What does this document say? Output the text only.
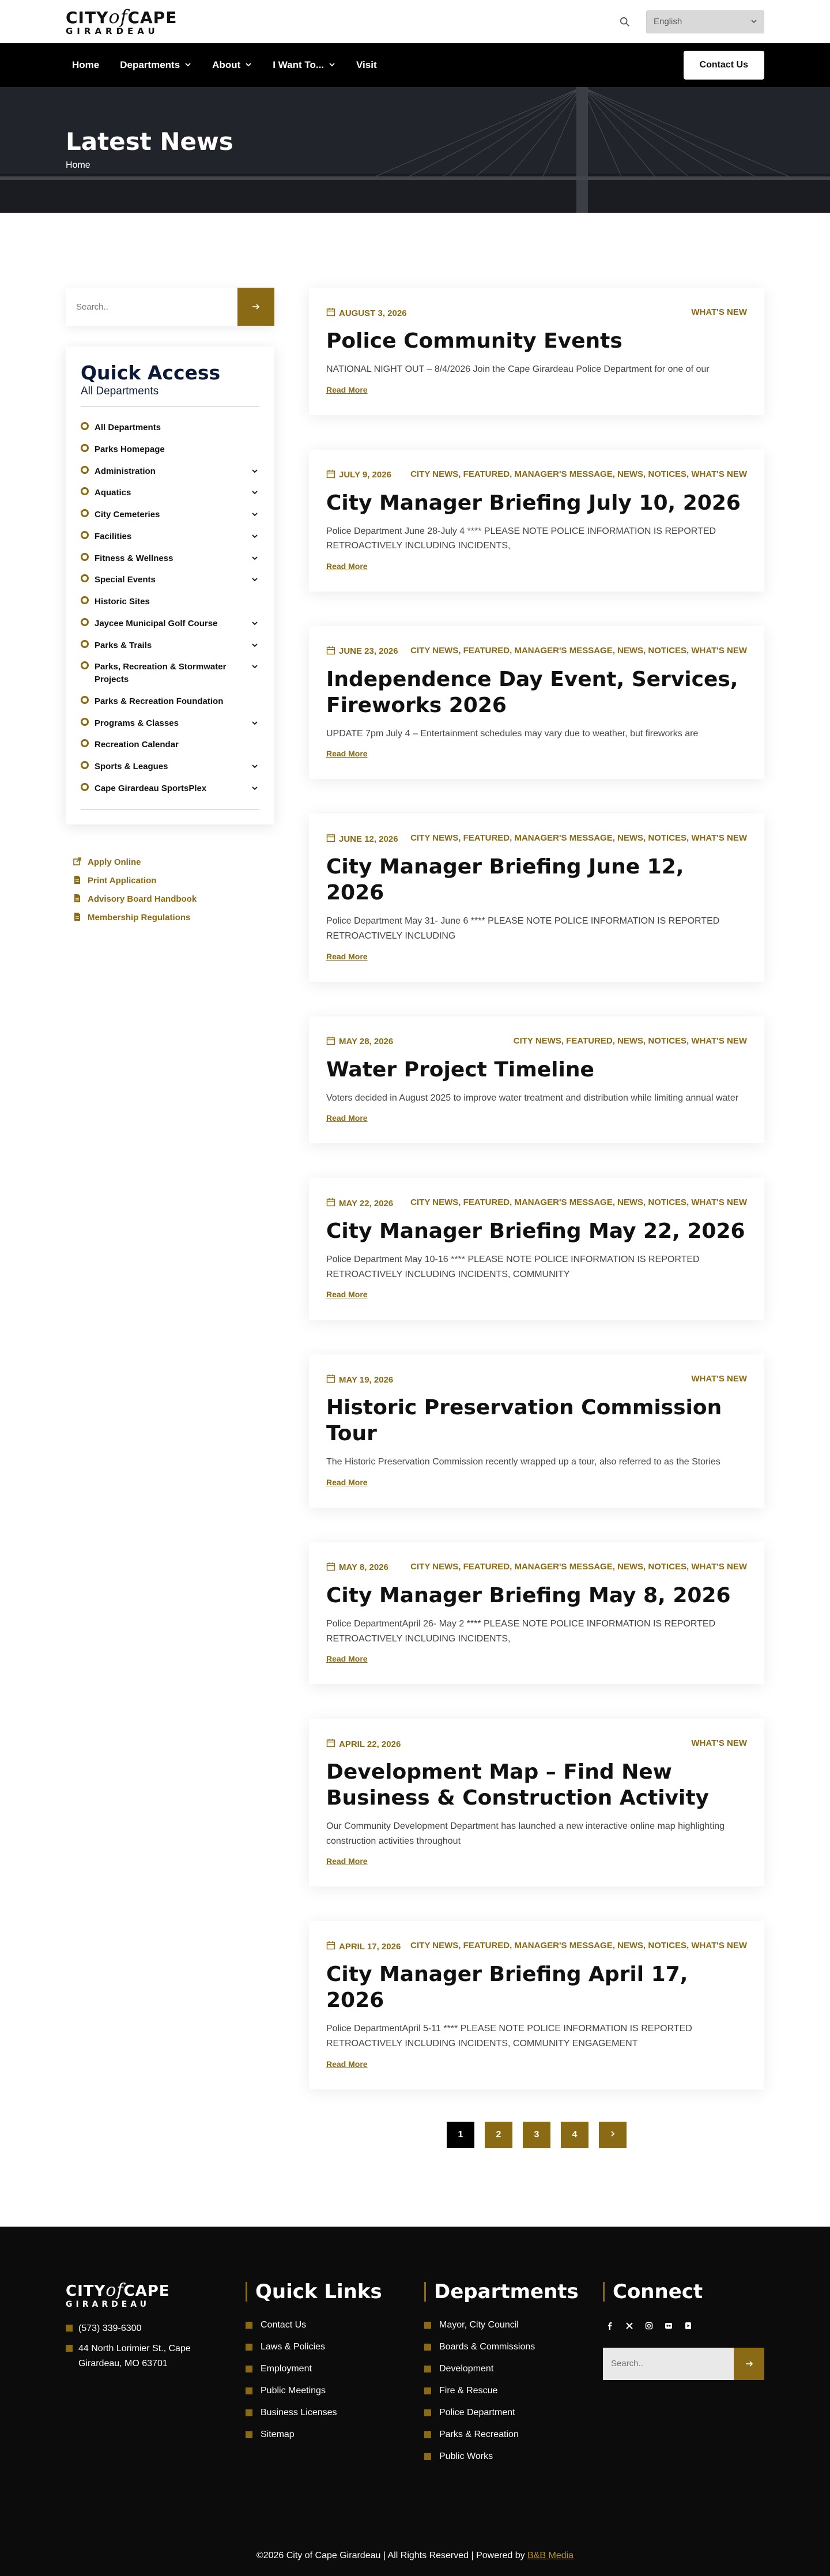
CITYofCAPE
GIRARDEAU
English
Home Departments	About	I Want To...	Visit	Contact Us
Latest News
Home
Search..
Quick Access
All Departments
All Departments
Parks Homepage
Administration
Aquatics
City Cemeteries
Facilities
Fitness & Wellness
Special Events
Historic Sites
Jaycee Municipal Golf Course
Parks & Trails
Parks, Recreation & Stormwater Projects
Parks & Recreation Foundation
Programs & Classes
Recreation Calendar
Sports & Leagues
Cape Girardeau SportsPlex
Apply Online
Print Application
Advisory Board Handbook
Membership Regulations
AUGUST 3, 2026	WHAT'S NEW
Police Community Events

NATIONAL NIGHT OUT – 8/4/2026 Join the Cape Girardeau Police Department for one of our

Read More
JULY 9, 2026 CITY NEWS, FEATURED, MANAGER'S MESSAGE, NEWS, NOTICES, WHAT'S NEW
City Manager Briefing July 10, 2026

Police Department June 28-July 4 **** PLEASE NOTE POLICE INFORMATION IS REPORTED RETROACTIVELY INCLUDING INCIDENTS,

Read More
JUNE 23, 2026 CITY NEWS, FEATURED, MANAGER'S MESSAGE, NEWS, NOTICES, WHAT'S NEW
Independence Day Event, Services, Fireworks 2026

UPDATE 7pm July 4 – Entertainment schedules may vary due to weather, but fireworks are

Read More
JUNE 12, 2026 CITY NEWS, FEATURED, MANAGER'S MESSAGE, NEWS, NOTICES, WHAT'S NEW
City Manager Briefing June 12, 2026

Police Department May 31- June 6 **** PLEASE NOTE POLICE INFORMATION IS REPORTED RETROACTIVELY INCLUDING

Read More
MAY 28, 2026	CITY NEWS, FEATURED, NEWS, NOTICES, WHAT'S NEW
Water Project Timeline

Voters decided in August 2025 to improve water treatment and distribution while limiting annual water

Read More
MAY 22, 2026 CITY NEWS, FEATURED, MANAGER'S MESSAGE, NEWS, NOTICES, WHAT'S NEW
City Manager Briefing May 22, 2026

Police Department May 10-16 **** PLEASE NOTE POLICE INFORMATION IS REPORTED RETROACTIVELY INCLUDING INCIDENTS, COMMUNITY

Read More
MAY 19, 2026	WHAT'S NEW
Historic Preservation Commission Tour

The Historic Preservation Commission recently wrapped up a tour, also referred to as the Stories

Read More
MAY 8, 2026	CITY NEWS, FEATURED, MANAGER'S MESSAGE, NEWS, NOTICES, WHAT'S NEW
City Manager Briefing May 8, 2026

Police DepartmentApril 26- May 2 **** PLEASE NOTE POLICE INFORMATION IS REPORTED RETROACTIVELY INCLUDING INCIDENTS,

Read More
APRIL 22, 2026	WHAT'S NEW
Development Map – Find New Business & Construction Activity

Our Community Development Department has launched a new interactive online map highlighting construction activities throughout

Read More
APRIL 17, 2026 CITY NEWS, FEATURED, MANAGER'S MESSAGE, NEWS, NOTICES, WHAT'S NEW
City Manager Briefing April 17, 2026

Police DepartmentApril 5-11 **** PLEASE NOTE POLICE INFORMATION IS REPORTED RETROACTIVELY INCLUDING INCIDENTS, COMMUNITY ENGAGEMENT

Read More
1	2	3	4
CITYofCAPE
GIRARDEAU
(573) 339-6300
44 North Lorimier St., Cape Girardeau, MO 63701
Quick Links
Contact Us
Laws & Policies
Employment
Public Meetings
Business Licenses
Sitemap
Departments
Mayor, City Council
Boards & Commissions
Development
Fire & Rescue
Police Department
Parks & Recreation
Public Works
Connect
Search..
©2026 City of Cape Girardeau | All Rights Reserved | Powered by B&B Media
